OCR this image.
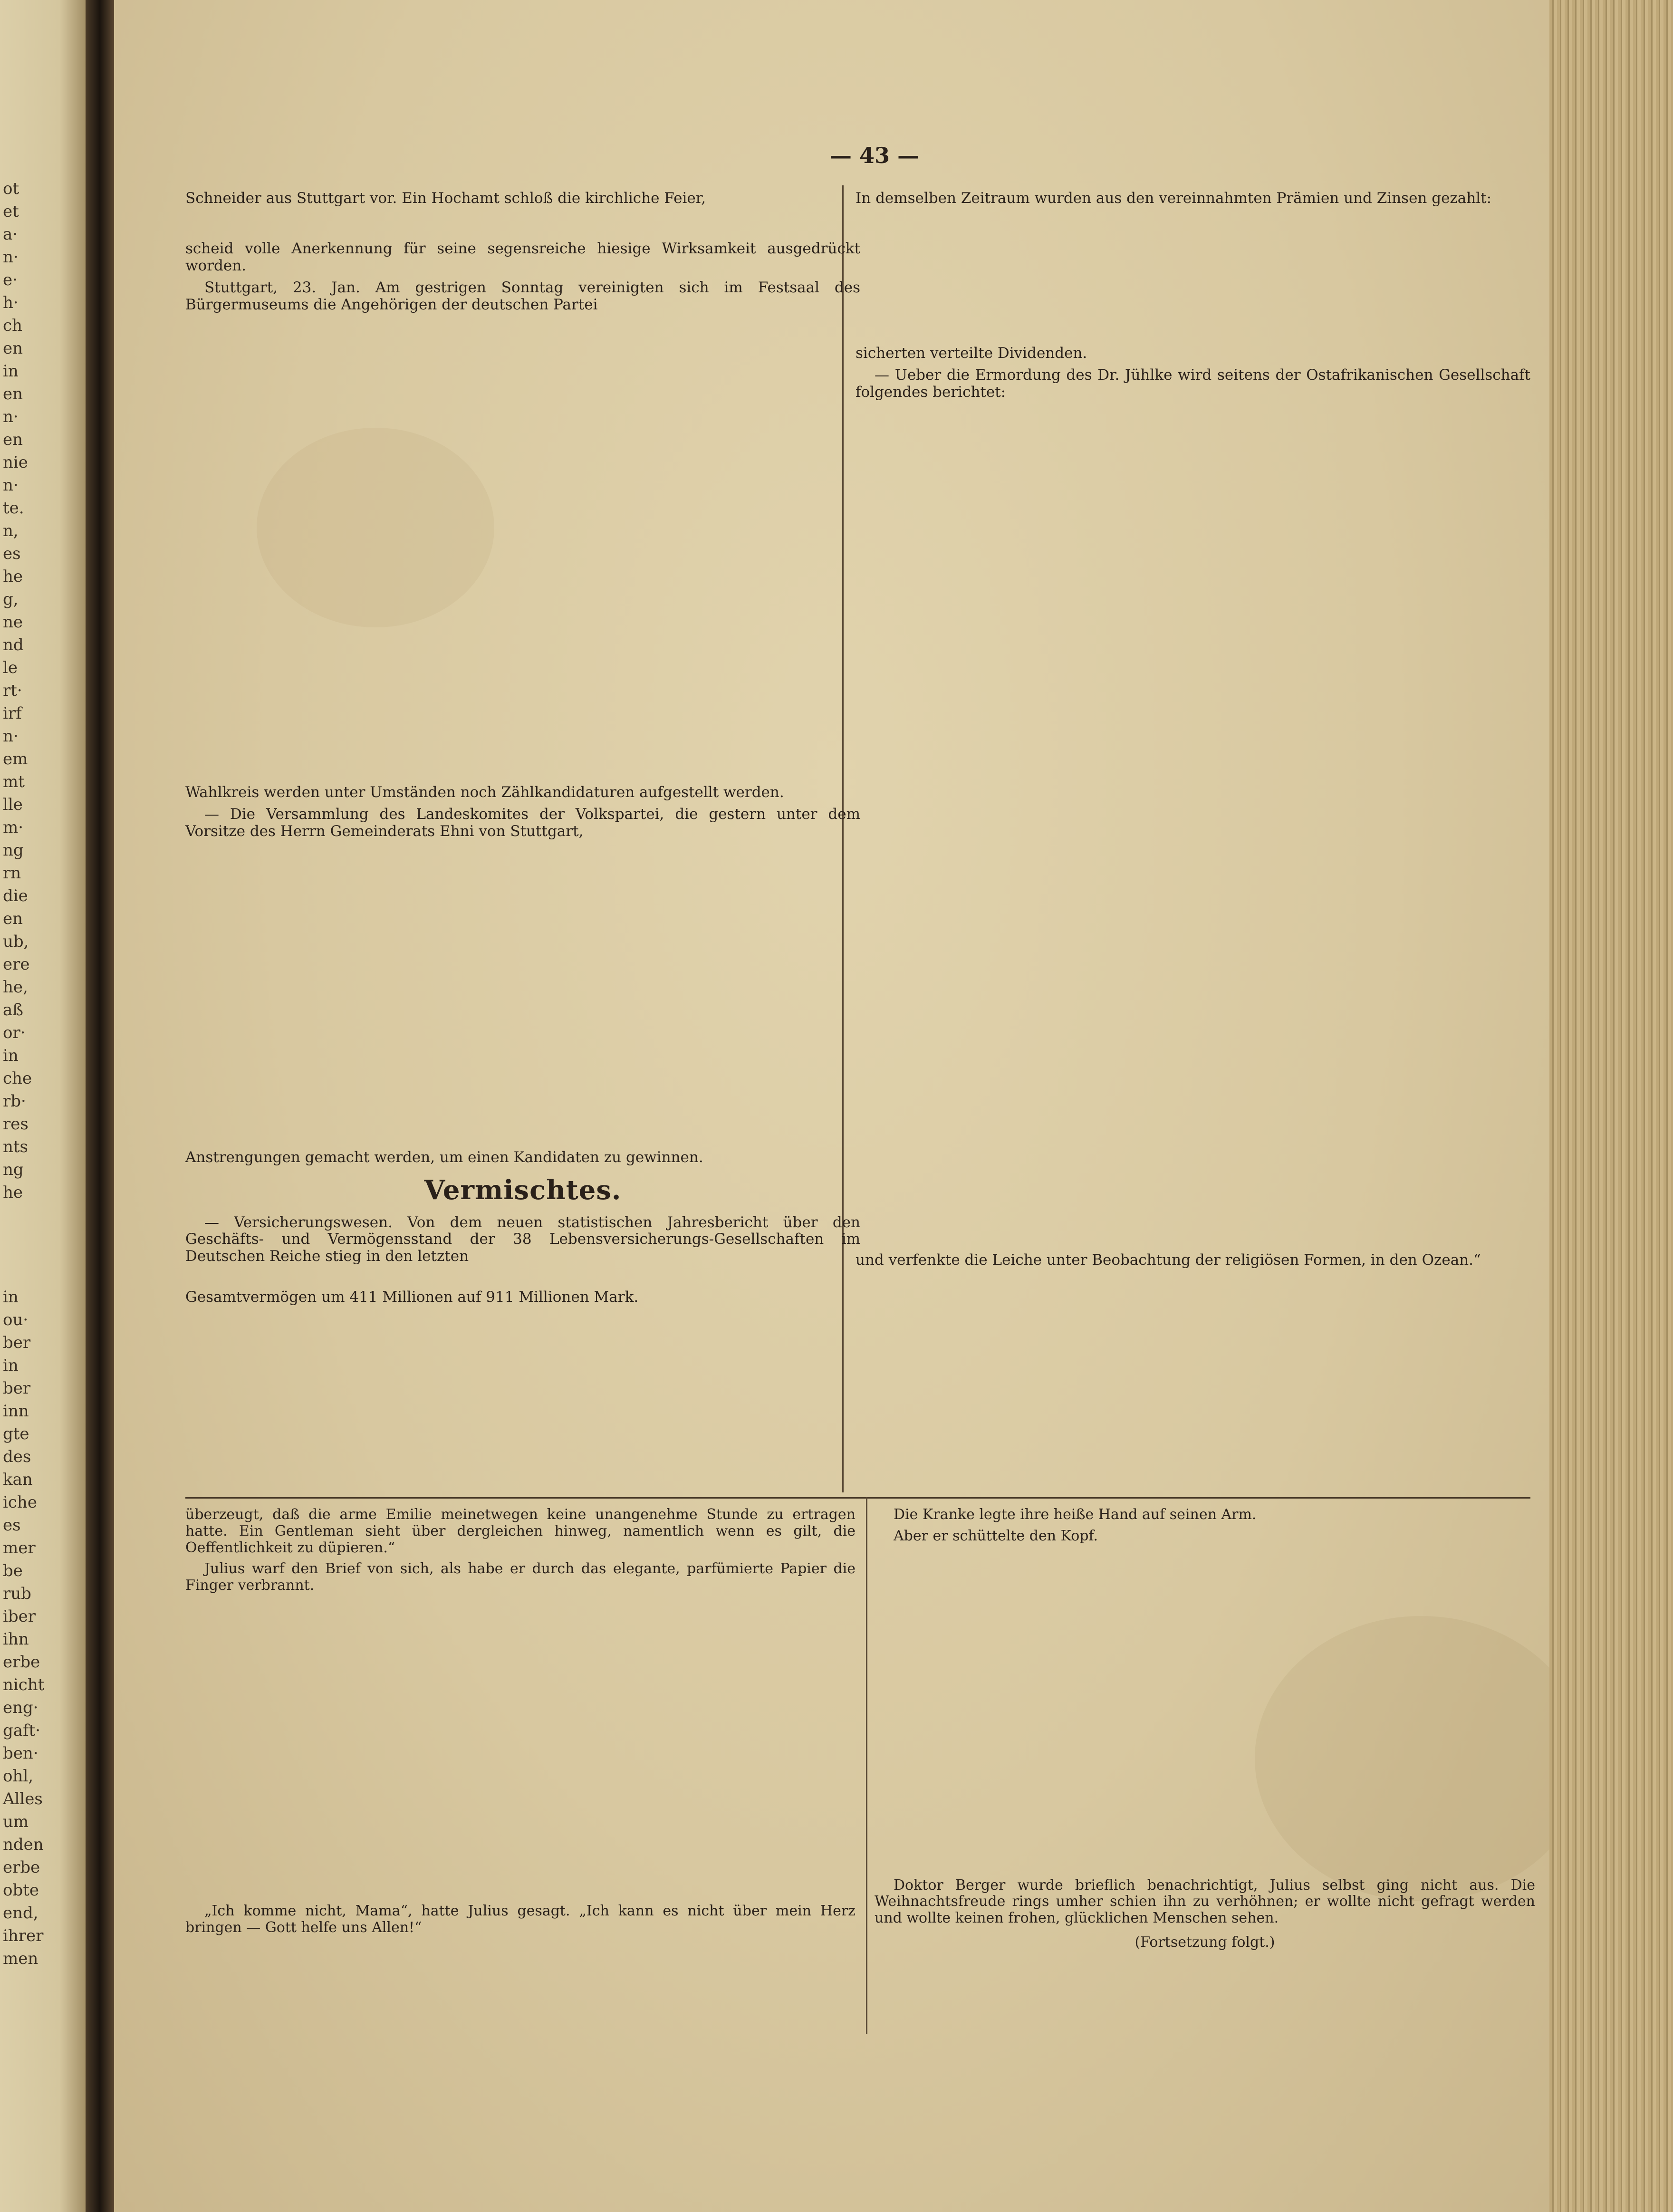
ot
et
a·
n·
e·
h·
ch
en
in
en
n·
en
nie
n·
te.
n,
es
he
g,
ne
nd
le
rt·
irf
n·
em
mt
lle
m·
ng
rn
die
en
ub,
ere
he,
aß
or·
in
che
rb·
res
nts
ng
he
in
ou·
ber
in
ber
inn
gte
des
kan
iche
es
mer
be
rub
iber
ihn
erbe
nicht
eng·
gaft·
ben·
ohl,
Alles
um
nden
erbe
obte
end,
ihrer
men
— 43 —

Schneider aus Stuttgart vor. Ein Hochamt schloß die kirchliche Feier,

scheid volle Anerkennung für seine segensreiche hiesige Wirksamkeit ausgedrückt worden.

Stuttgart, 23. Jan. Am gestrigen Sonntag vereinigten sich im Festsaal des Bürgermuseums die Angehörigen der deutschen Partei

Wahlkreis werden unter Umständen noch Zählkandidaturen aufgestellt werden.

— Die Versammlung des Landeskomites der Volkspartei, die gestern unter dem Vorsitze des Herrn Gemeinderats Ehni von Stuttgart,

Anstrengungen gemacht werden, um einen Kandidaten zu gewinnen.

Vermischtes.

— Versicherungswesen. Von dem neuen statistischen Jahresbericht über den Geschäfts- und Vermögensstand der 38 Lebensversicherungs-Gesellschaften im Deutschen Reiche stieg in den letzten

Gesamtvermögen um 411 Millionen auf 911 Millionen Mark.

In demselben Zeitraum wurden aus den vereinnahmten Prämien und Zinsen gezahlt:

sicherten verteilte Dividenden.

— Ueber die Ermordung des Dr. Jühlke wird seitens der Ostafrikanischen Gesellschaft folgendes berichtet:

und verfenkte die Leiche unter Beobachtung der religiösen Formen, in den Ozean.“

überzeugt, daß die arme Emilie meinetwegen keine unangenehme Stunde zu ertragen hatte. Ein Gentleman sieht über dergleichen hinweg, namentlich wenn es gilt, die Oeffentlichkeit zu düpieren.“

Julius warf den Brief von sich, als habe er durch das elegante, parfümierte Papier die Finger verbrannt.

„Ich komme nicht, Mama“, hatte Julius gesagt. „Ich kann es nicht über mein Herz bringen — Gott helfe uns Allen!“

Die Kranke legte ihre heiße Hand auf seinen Arm.

Aber er schüttelte den Kopf.

Doktor Berger wurde brieflich benachrichtigt, Julius selbst ging nicht aus. Die Weihnachtsfreude rings umher schien ihn zu verhöhnen; er wollte nicht gefragt werden und wollte keinen frohen, glücklichen Menschen sehen.

(Fortsetzung folgt.)
